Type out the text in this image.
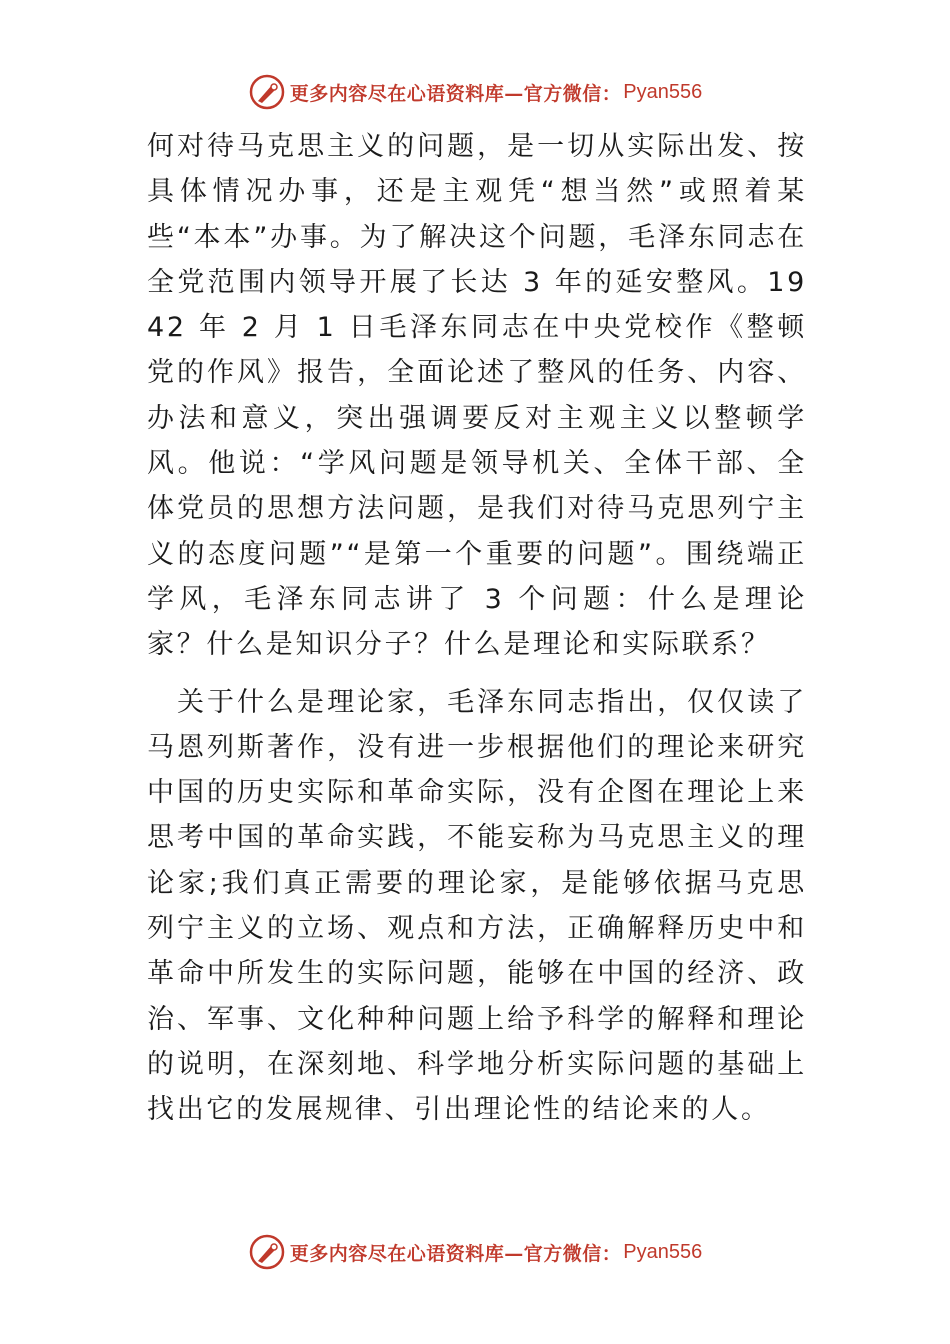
更多内容尽在心语资料库—官方微信： Pyan556

何对待马克思主义的问题，是一切从实际出发、按具体情况办事，还是主观凭“想当然”或照着某些“本本”办事。为了解决这个问题，毛泽东同志在全党范围内领导开展了长达 3 年的延安整风。1942 年 2 月 1 日毛泽东同志在中央党校作《整顿党的作风》报告，全面论述了整风的任务、内容、办法和意义，突出强调要反对主观主义以整顿学风。他说：“学风问题是领导机关、全体干部、全体党员的思想方法问题，是我们对待马克思列宁主义的态度问题”“是第一个重要的问题”。围绕端正学风，毛泽东同志讲了 3 个问题：什么是理论家？什么是知识分子？什么是理论和实际联系？

关于什么是理论家，毛泽东同志指出，仅仅读了马恩列斯著作，没有进一步根据他们的理论来研究中国的历史实际和革命实际，没有企图在理论上来思考中国的革命实践，不能妄称为马克思主义的理论家;我们真正需要的理论家，是能够依据马克思列宁主义的立场、观点和方法，正确解释历史中和革命中所发生的实际问题，能够在中国的经济、政治、军事、文化种种问题上给予科学的解释和理论的说明，在深刻地、科学地分析实际问题的基础上找出它的发展规律、引出理论性的结论来的人。

更多内容尽在心语资料库—官方微信： Pyan556
